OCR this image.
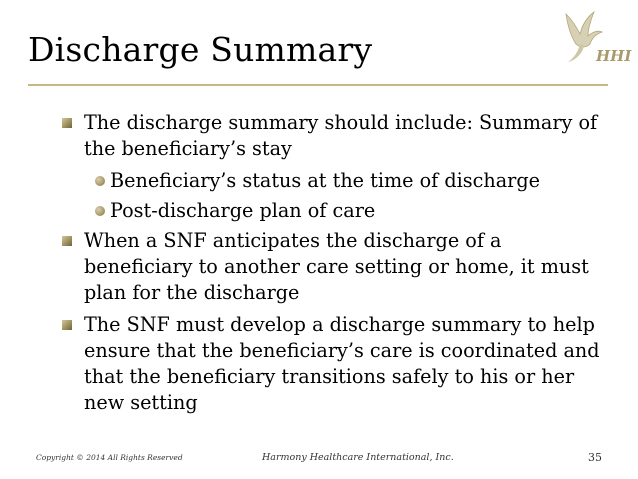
Discharge Summary	HHI
The discharge summary should include: Summary of the beneficiary’s stay
Beneficiary’s status at the time of discharge
Post-discharge plan of care
When a SNF anticipates the discharge of a beneficiary to another care setting or home, it must plan for the discharge
The SNF must develop a discharge summary to help ensure that the beneficiary’s care is coordinated and that the beneficiary transitions safely to his or her new setting
Copyright © 2014 All Rights Reserved	Harmony Healthcare International, Inc.	35
